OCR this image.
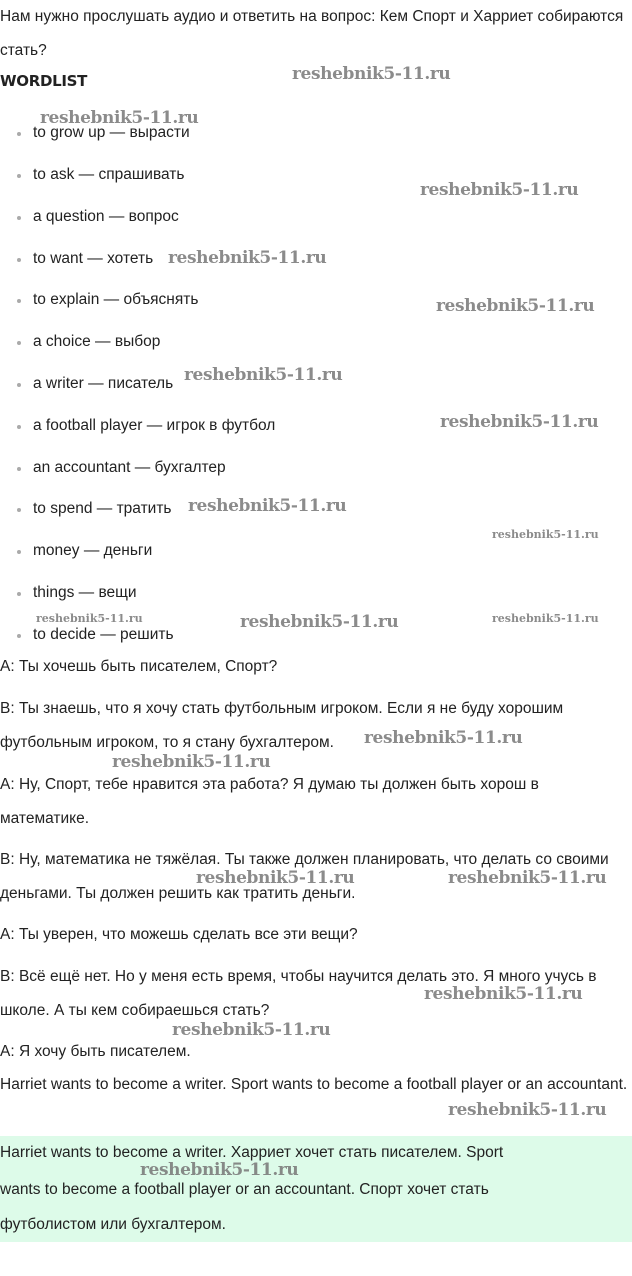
Нам нужно прослушать аудио и ответить на вопрос: Кем Спорт и Харриет собираются стать?

WORDLIST
to grow up — вырасти
to ask — спрашивать
a question — вопрос
to want — хотеть
to explain — объяснять
a choice — выбор
a writer — писатель
a football player — игрок в футбол
an accountant — бухгалтер
to spend — тратить
money — деньги
things — вещи
to decide — решить

А: Ты хочешь быть писателем, Спорт?

В: Ты знаешь, что я хочу стать футбольным игроком. Если я не буду хорошим футбольным игроком, то я стану бухгалтером.

А: Ну, Спорт, тебе нравится эта работа? Я думаю ты должен быть хорош в математике.

В: Ну, математика не тяжёлая. Ты также должен планировать, что делать со своими деньгами. Ты должен решить как тратить деньги.

А: Ты уверен, что можешь сделать все эти вещи?

В: Всё ещё нет. Но у меня есть время, чтобы научится делать это. Я много учусь в школе. А ты кем собираешься стать?

А: Я хочу быть писателем.

Harriet wants to become a writer. Sport wants to become a football player or an accountant.

Harriet wants to become a writer. Харриет хочет стать писателем. Sport

wants to become a football player or an accountant. Спорт хочет стать

футболистом или бухгалтером.

reshebnik5-11.ru
reshebnik5-11.ru
reshebnik5-11.ru
reshebnik5-11.ru
reshebnik5-11.ru
reshebnik5-11.ru
reshebnik5-11.ru
reshebnik5-11.ru
reshebnik5-11.ru
reshebnik5-11.ru	reshebnik5-11.ru	reshebnik5-11.ru
reshebnik5-11.ru
reshebnik5-11.ru
reshebnik5-11.ru	reshebnik5-11.ru
reshebnik5-11.ru
reshebnik5-11.ru
reshebnik5-11.ru
reshebnik5-11.ru
